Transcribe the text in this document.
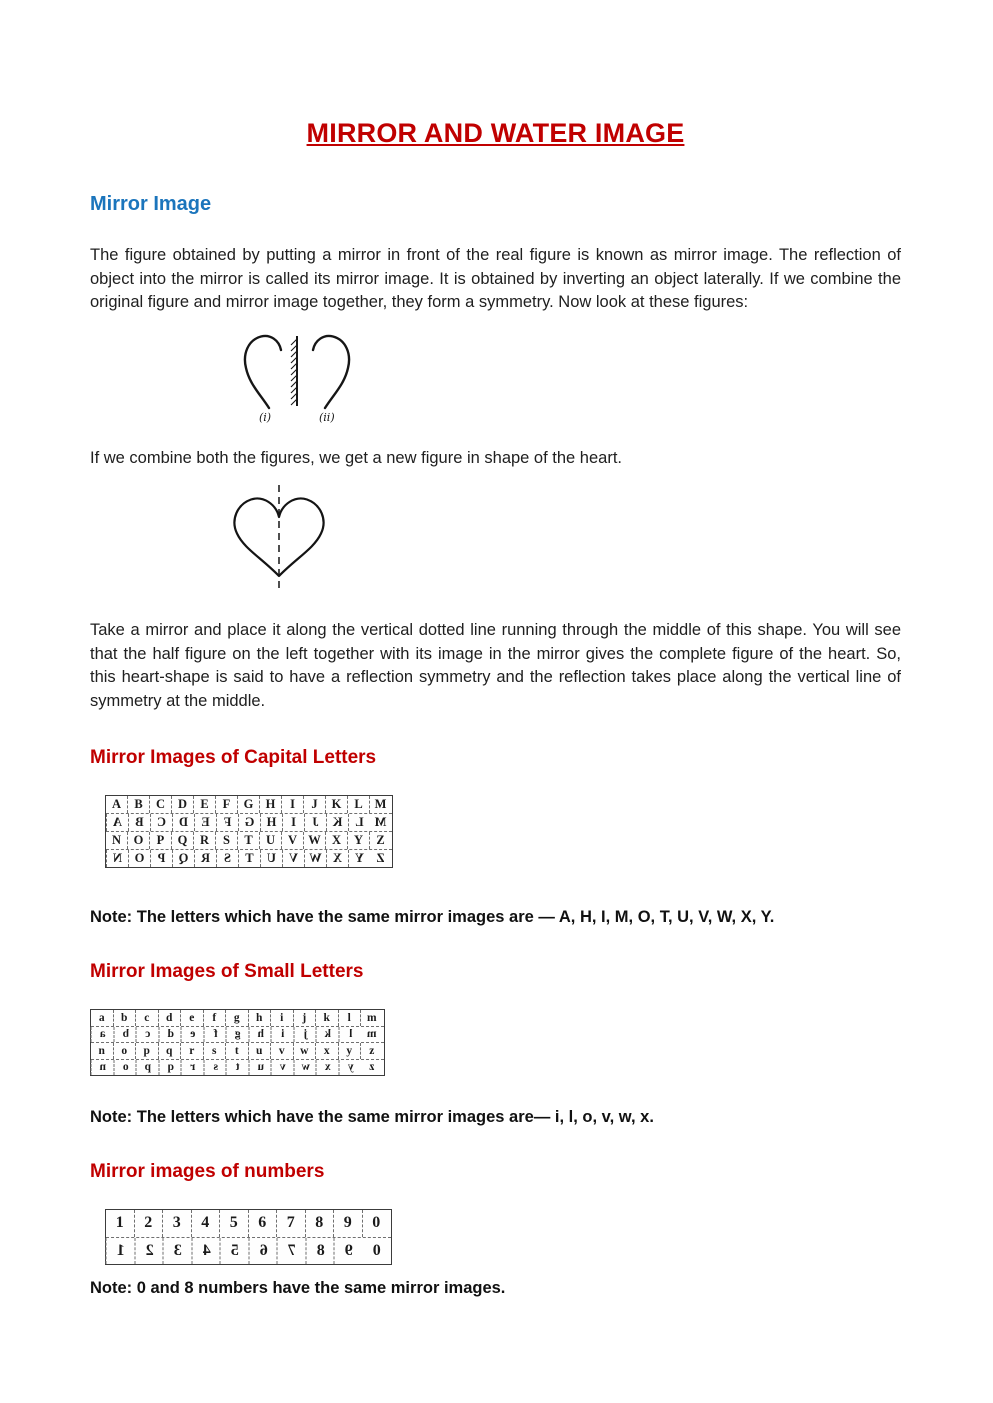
MIRROR AND WATER IMAGE
Mirror Image

The figure obtained by putting a mirror in front of the real figure is known as mirror image. The reflection of object into the mirror is called its mirror image. It is obtained by inverting an object laterally. If we combine the original figure and mirror image together, they form a symmetry. Now look at these figures:

(i)	(ii)

If we combine both the figures, we get a new figure in shape of the heart.

Take a mirror and place it along the vertical dotted line running through the middle of this shape. You will see that the half figure on the left together with its image in the mirror gives the complete figure of the heart. So, this heart-shape is said to have a reflection symmetry and the reflection takes place along the vertical line of symmetry at the middle.

Mirror Images of Capital Letters
A	B	C	D	E	F	G H	I	J	K	L M
A	B	C	D	E	F	G H	I	J	K	L M
N	O	P	Q	R	S	T	U	V W X	Y	Z
N	O	P	Q	R	S	T	U	V W X	Y Z

Note: The letters which have the same mirror images are — A, H, I, M, O, T, U, V, W, X, Y.

Mirror Images of Small Letters
a	b	c	d	e	f	g	h	i	j	k	l	m
a	b	c	d	e	f	g	h	i	j	k	l	m
n	o	p	q	r	s	t	u	v	w	x	y	z
n	o	p	q	r	s	t	u	v	w	x	y	z

Note: The letters which have the same mirror images are— i, l, o, v, w, x.

Mirror images of numbers
1	2	3	4	5	6	7	8	9	0
1	2	3	4	5	6	7	8	9	0

Note: 0 and 8 numbers have the same mirror images.
